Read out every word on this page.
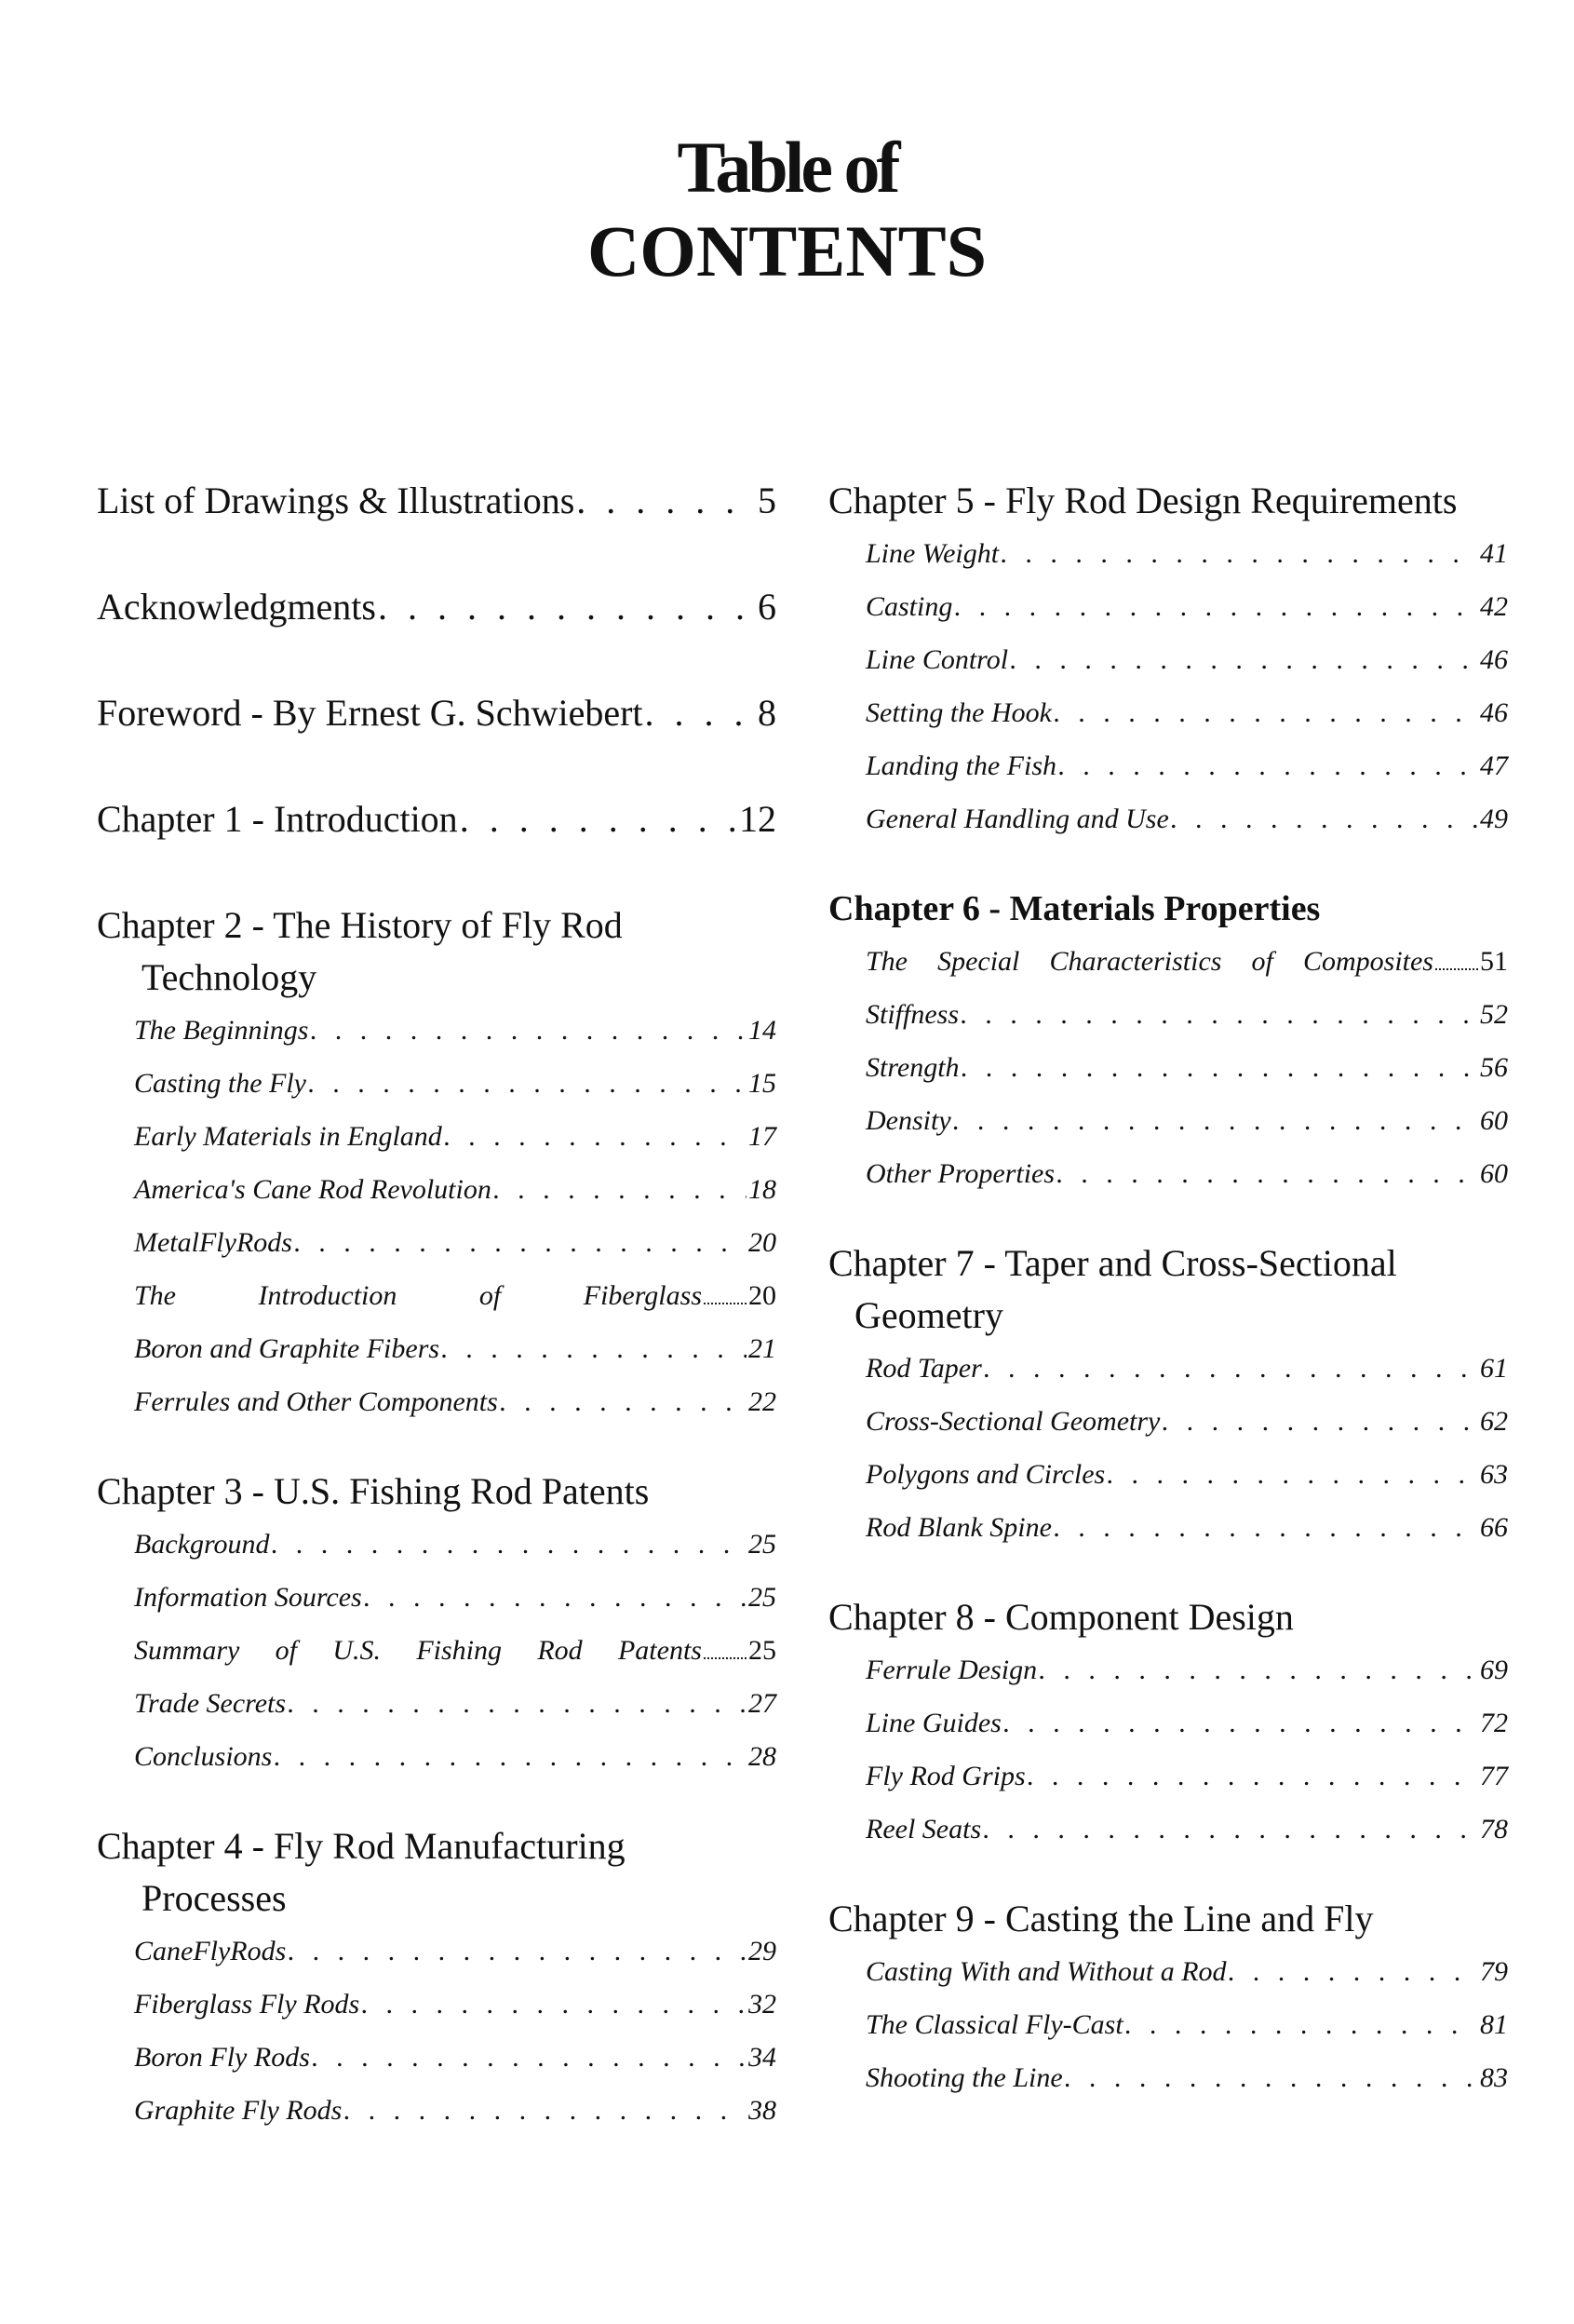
Table of
CONTENTS
List of Drawings & Illustrations . . .	5
Acknowledgments . . .	6
Foreword - By Ernest G. Schwiebert . . .	8
Chapter 1 - Introduction . . .	12
Chapter 2 - The History of Fly Rod
Technology
The Beginnings . . .	14
Casting the Fly . . .	15
Early Materials in England . . .	17
America's Cane Rod Revolution . . .	18
MetalFlyRods . . .	20
The	Introduction	of	Fiberglass 20
Boron and Graphite Fibers . . .	21
Ferrules and Other Components . . .	22
Chapter 3 - U.S. Fishing Rod Patents
Background . . .	25
Information Sources . . .	25
Summary of U.S. Fishing Rod Patents 25
Trade Secrets . . .	27
Conclusions . . .	28
Chapter 4 - Fly Rod Manufacturing
Processes
CaneFlyRods . . .	29
Fiberglass Fly Rods . . .	32
Boron Fly Rods . . .	34
Graphite Fly Rods . . .	38
Chapter 5 - Fly Rod Design Requirements
Line Weight . . .	41
Casting . . .	42
Line Control . . .	46
Setting the Hook . . .	46
Landing the Fish . . .	47
General Handling and Use . . .	49
Chapter 6 - Materials Properties
The Special Characteristics of Composites 51
Stiffness . . .	52
Strength . . .	56
Density . . .	60
Other Properties . . .	60
Chapter 7 - Taper and Cross-Sectional
Geometry
Rod Taper . . .	61
Cross-Sectional Geometry . . .	62
Polygons and Circles . . .	63
Rod Blank Spine . . .	66
Chapter 8 - Component Design
Ferrule Design . . .	69
Line Guides . . .	72
Fly Rod Grips . . .	77
Reel Seats . . .	78
Chapter 9 - Casting the Line and Fly
Casting With and Without a Rod . . .	79
The Classical Fly-Cast . . .	81
Shooting the Line . . .	83
